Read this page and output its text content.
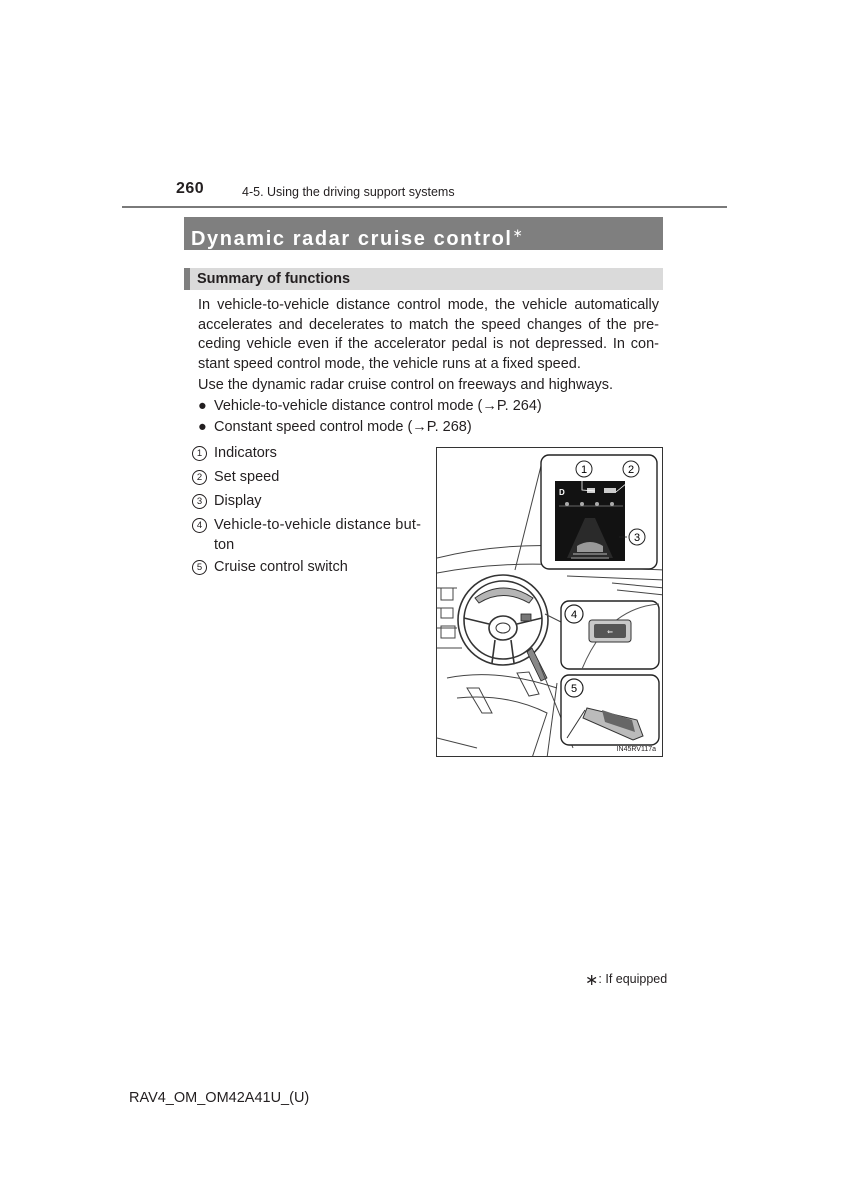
260	4-5. Using the driving support systems
Dynamic radar cruise control∗
Summary of functions
In vehicle-to-vehicle distance control mode, the vehicle automatically
accelerates and decelerates to match the speed changes of the pre-
ceding vehicle even if the accelerator pedal is not depressed. In con-
stant speed control mode, the vehicle runs at a fixed speed.
Use the dynamic radar cruise control on freeways and highways.
● Vehicle-to-vehicle distance control mode (→P. 264)
● Constant speed control mode (→P. 268)
1 Indicators
2 Set speed
3 Display
4 Vehicle-to-vehicle distance but-
ton
5 Cruise control switch
D
1	2
3
⇐
4
5
IN45RV117a
∗: If equipped
RAV4_OM_OM42A41U_(U)
